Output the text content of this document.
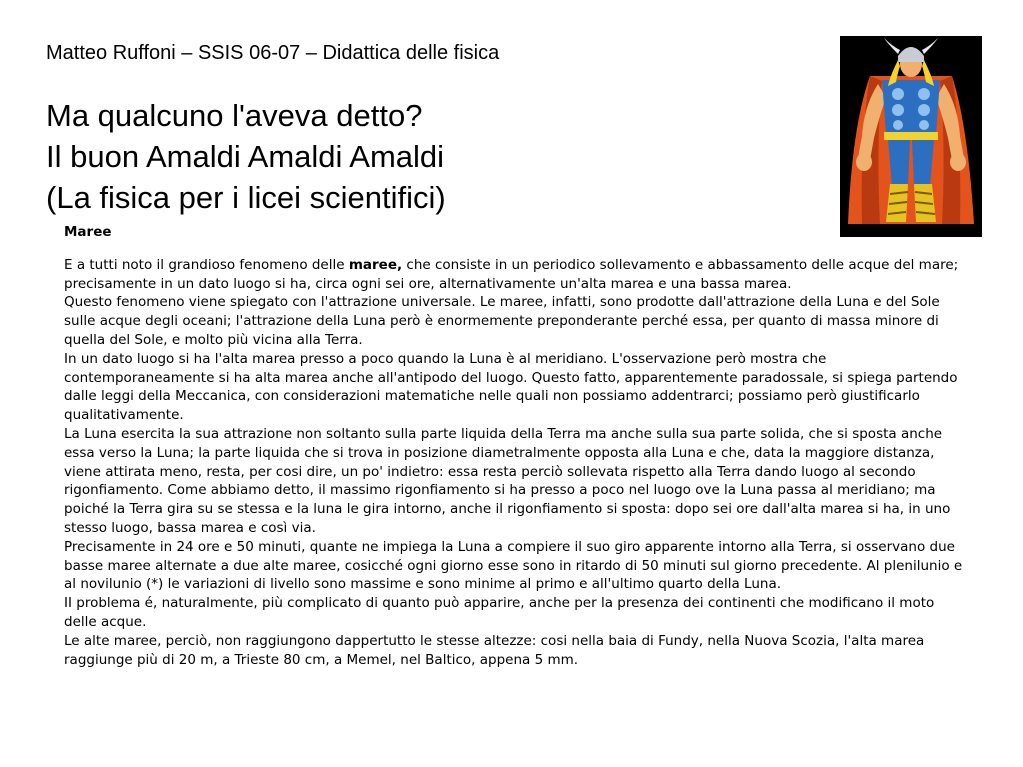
Matteo Ruffoni – SSIS 06-07 – Didattica delle fisica
Ma qualcuno l'aveva detto?
Il buon Amaldi Amaldi Amaldi
(La fisica per i licei scientifici)
Maree

E a tutti noto il grandioso fenomeno delle maree, che consiste in un periodico sollevamento e abbassamento delle acque del mare; precisamente in un dato luogo si ha, circa ogni sei ore, alternativamente un'alta marea e una bassa marea.

Questo fenomeno viene spiegato con l'attrazione universale. Le maree, infatti, sono prodotte dall'attrazione della Luna e del Sole sulle acque degli oceani; l'attrazione della Luna però è enormemente preponderante perché essa, per quanto di massa minore di quella del Sole, e molto più vicina alla Terra.

In un dato luogo si ha l'alta marea presso a poco quando la Luna è al meridiano. L'osservazione però mostra che contemporaneamente si ha alta marea anche all'antipodo del luogo. Questo fatto, apparentemente paradossale, si spiega partendo dalle leggi della Meccanica, con considerazioni matematiche nelle quali non possiamo addentrarci; possiamo però giustificarlo qualitativamente.

La Luna esercita la sua attrazione non soltanto sulla parte liquida della Terra ma anche sulla sua parte solida, che si sposta anche essa verso la Luna; la parte liquida che si trova in posizione diametralmente opposta alla Luna e che, data la maggiore distanza, viene attirata meno, resta, per cosi dire, un po' indietro: essa resta perciò sollevata rispetto alla Terra dando luogo al secondo rigonfiamento. Come abbiamo detto, il massimo rigonfiamento si ha presso a poco nel luogo ove la Luna passa al meridiano; ma poiché la Terra gira su se stessa e la luna le gira intorno, anche il rigonfiamento si sposta: dopo sei ore dall'alta marea si ha, in uno stesso luogo, bassa marea e così via.

Precisamente in 24 ore e 50 minuti, quante ne impiega la Luna a compiere il suo giro apparente intorno alla Terra, si osservano due basse maree alternate a due alte maree, cosicché ogni giorno esse sono in ritardo di 50 minuti sul giorno precedente. Al plenilunio e al novilunio (*) le variazioni di livello sono massime e sono minime al primo e all'ultimo quarto della Luna.

II problema é, naturalmente, più complicato di quanto può apparire, anche per la presenza dei continenti che modificano il moto delle acque.

Le alte maree, perciò, non raggiungono dappertutto le stesse altezze: cosi nella baia di Fundy, nella Nuova Scozia, l'alta marea raggiunge più di 20 m, a Trieste 80 cm, a Memel, nel Baltico, appena 5 mm.
